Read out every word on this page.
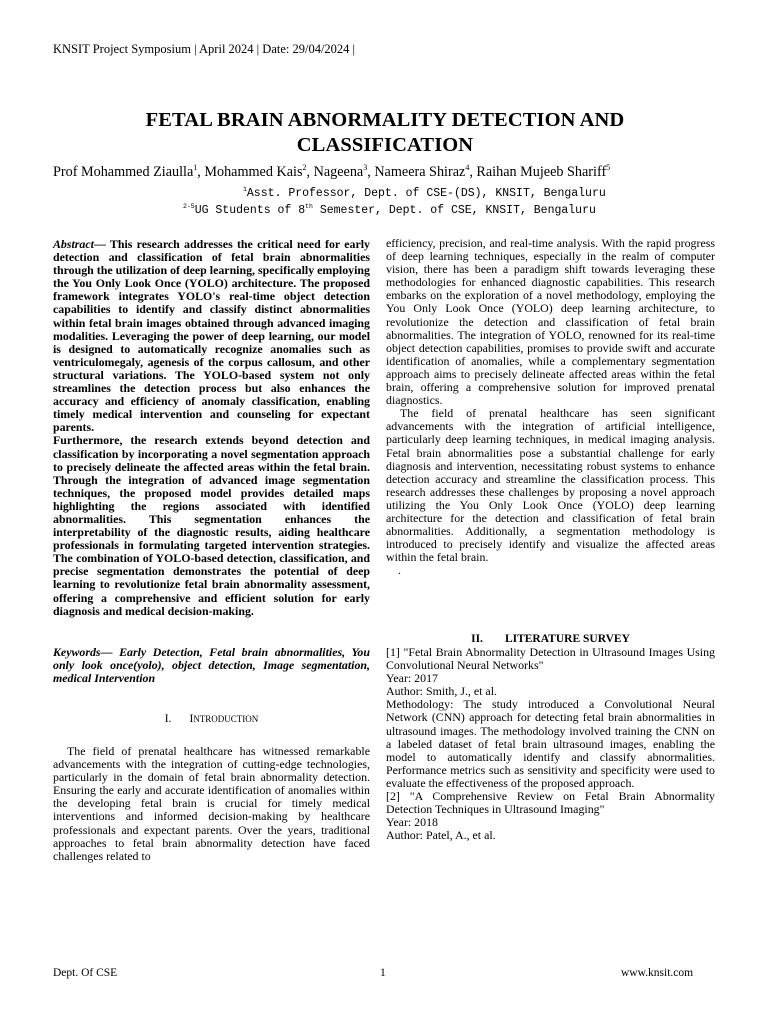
KNSIT Project Symposium | April 2024 | Date: 29/04/2024 |
FETAL BRAIN ABNORMALITY DETECTION AND CLASSIFICATION
Prof Mohammed Ziaulla$^1$, Mohammed Kais$^2$, Nageena$^3$, Nameera Shiraz$^4$, Raihan Mujeeb Shariff$^5$
$^1$Asst. Professor, Dept. of CSE-(DS), KNSIT, Bengaluru
$^{2-5}$UG Students of 8th Semester, Dept. of CSE, KNSIT, Bengaluru

Abstract— This research addresses the critical need for early detection and classification of fetal brain abnormalities through the utilization of deep learning, specifically employing the You Only Look Once (YOLO) architecture. The proposed framework integrates YOLO's real-time object detection capabilities to identify and classify distinct abnormalities within fetal brain images obtained through advanced imaging modalities. Leveraging the power of deep learning, our model is designed to automatically recognize anomalies such as ventriculomegaly, agenesis of the corpus callosum, and other structural variations. The YOLO-based system not only streamlines the detection process but also enhances the accuracy and efficiency of anomaly classification, enabling timely medical intervention and counseling for expectant parents.

Furthermore, the research extends beyond detection and classification by incorporating a novel segmentation approach to precisely delineate the affected areas within the fetal brain. Through the integration of advanced image segmentation techniques, the proposed model provides detailed maps highlighting the regions associated with identified abnormalities. This segmentation enhances the interpretability of the diagnostic results, aiding healthcare professionals in formulating targeted intervention strategies. The combination of YOLO-based detection, classification, and precise segmentation demonstrates the potential of deep learning to revolutionize fetal brain abnormality assessment, offering a comprehensive and efficient solution for early diagnosis and medical decision-making.

Keywords— Early Detection, Fetal brain abnormalities, You only look once(yolo), object detection, Image segmentation, medical Intervention

I. INTRODUCTION

The field of prenatal healthcare has witnessed remarkable advancements with the integration of cutting-edge technologies, particularly in the domain of fetal brain abnormality detection. Ensuring the early and accurate identification of anomalies within the developing fetal brain is crucial for timely medical interventions and informed decision-making by healthcare professionals and expectant parents. Over the years, traditional approaches to fetal brain abnormality detection have faced challenges related to

efficiency, precision, and real-time analysis. With the rapid progress of deep learning techniques, especially in the realm of computer vision, there has been a paradigm shift towards leveraging these methodologies for enhanced diagnostic capabilities. This research embarks on the exploration of a novel methodology, employing the You Only Look Once (YOLO) deep learning architecture, to revolutionize the detection and classification of fetal brain abnormalities. The integration of YOLO, renowned for its real-time object detection capabilities, promises to provide swift and accurate identification of anomalies, while a complementary segmentation approach aims to precisely delineate affected areas within the fetal brain, offering a comprehensive solution for improved prenatal diagnostics.

The field of prenatal healthcare has seen significant advancements with the integration of artificial intelligence, particularly deep learning techniques, in medical imaging analysis. Fetal brain abnormalities pose a substantial challenge for early diagnosis and intervention, necessitating robust systems to enhance detection accuracy and streamline the classification process. This research addresses these challenges by proposing a novel approach utilizing the You Only Look Once (YOLO) deep learning architecture for the detection and classification of fetal brain abnormalities. Additionally, a segmentation methodology is introduced to precisely identify and visualize the affected areas within the fetal brain.

.

II. LITERATURE SURVEY

[1] "Fetal Brain Abnormality Detection in Ultrasound Images Using Convolutional Neural Networks"

Year: 2017

Author: Smith, J., et al.

Methodology: The study introduced a Convolutional Neural Network (CNN) approach for detecting fetal brain abnormalities in ultrasound images. The methodology involved training the CNN on a labeled dataset of fetal brain ultrasound images, enabling the model to automatically identify and classify abnormalities. Performance metrics such as sensitivity and specificity were used to evaluate the effectiveness of the proposed approach.

[2] "A Comprehensive Review on Fetal Brain Abnormality Detection Techniques in Ultrasound Imaging"

Year: 2018

Author: Patel, A., et al.

Dept. Of CSE	1	www.knsit.com
